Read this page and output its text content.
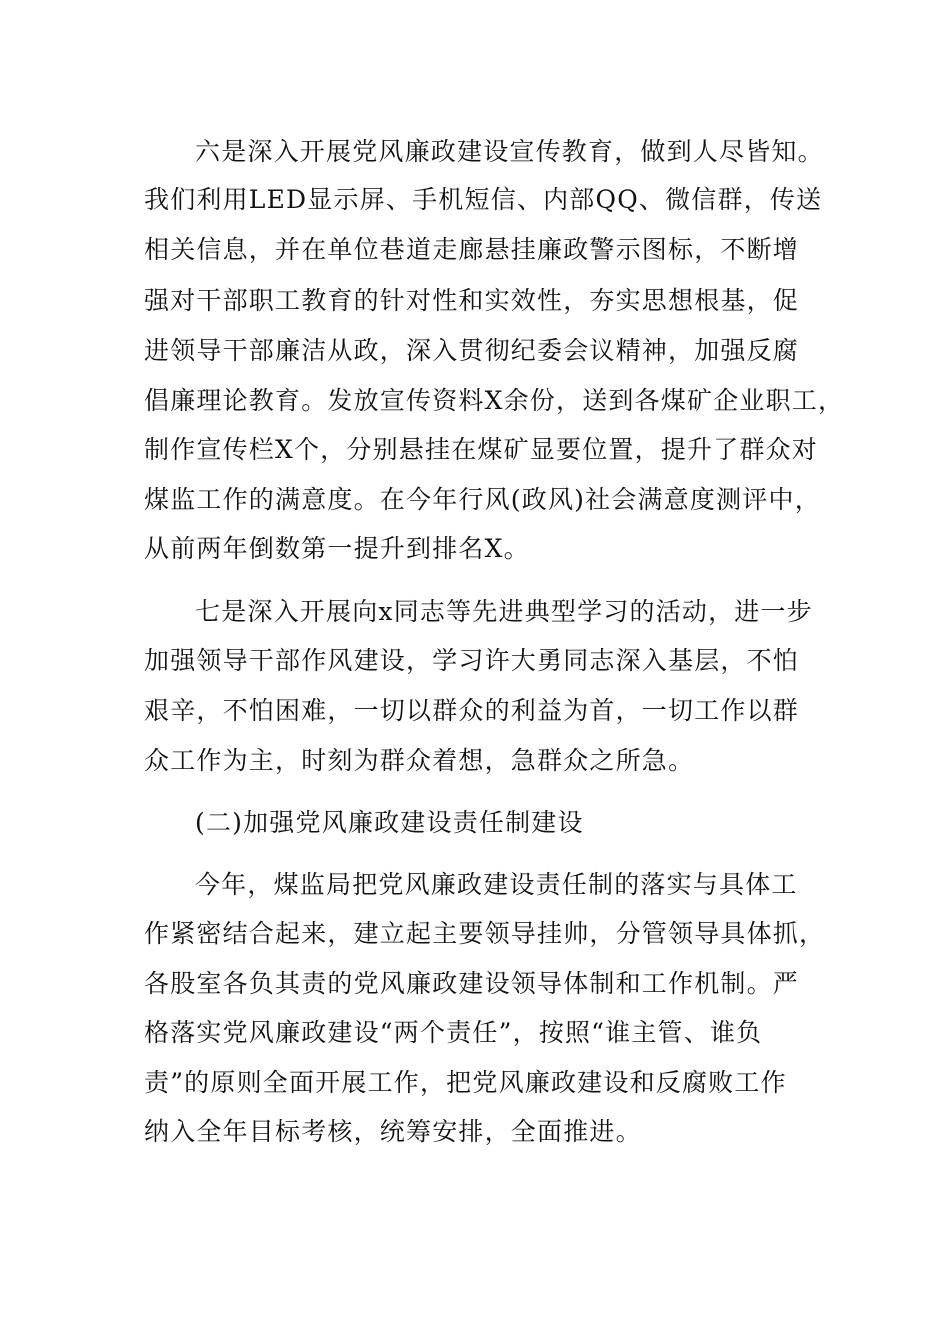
六是深入开展党风廉政建设宣传教育，做到人尽皆知。

我们利用LED显示屏、手机短信、内部QQ、微信群，传送

相关信息，并在单位巷道走廊悬挂廉政警示图标，不断增

强对干部职工教育的针对性和实效性，夯实思想根基，促

进领导干部廉洁从政，深入贯彻纪委会议精神，加强反腐

倡廉理论教育。发放宣传资料X余份，送到各煤矿企业职工，

制作宣传栏X个，分别悬挂在煤矿显要位置，提升了群众对

煤监工作的满意度。在今年行风(政风)社会满意度测评中，

从前两年倒数第一提升到排名X。

七是深入开展向x同志等先进典型学习的活动，进一步

加强领导干部作风建设，学习许大勇同志深入基层，不怕

艰辛，不怕困难，一切以群众的利益为首，一切工作以群

众工作为主，时刻为群众着想，急群众之所急。

(二)加强党风廉政建设责任制建设

今年，煤监局把党风廉政建设责任制的落实与具体工

作紧密结合起来，建立起主要领导挂帅，分管领导具体抓，

各股室各负其责的党风廉政建设领导体制和工作机制。严

格落实党风廉政建设“两个责任”，按照“谁主管、谁负

责”的原则全面开展工作，把党风廉政建设和反腐败工作

纳入全年目标考核，统筹安排，全面推进。
